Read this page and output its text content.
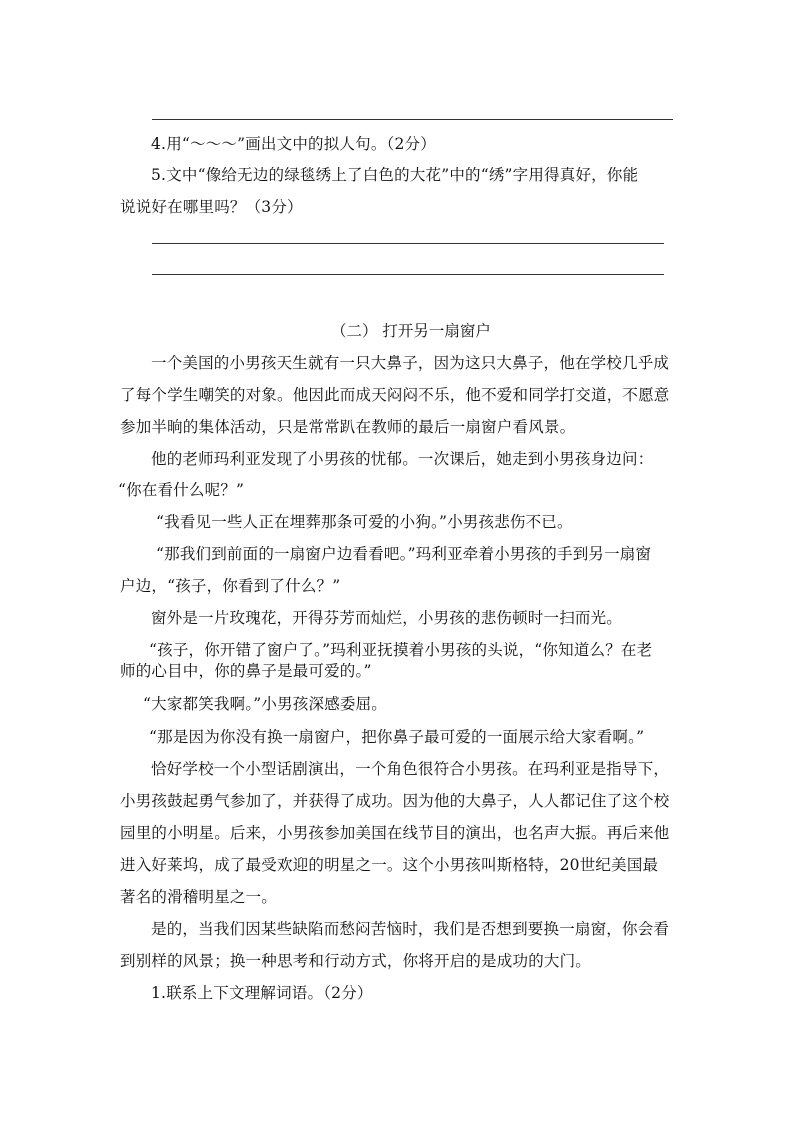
4.用“～～～”画出文中的拟人句。（2分）
5.文中“像给无边的绿毯绣上了白色的大花”中的“绣”字用得真好，你能
说说好在哪里吗？（3分）
（二） 打开另一扇窗户
一个美国的小男孩天生就有一只大鼻子，因为这只大鼻子，他在学校几乎成
了每个学生嘲笑的对象。他因此而成天闷闷不乐，他不爱和同学打交道，不愿意
参加半晌的集体活动，只是常常趴在教师的最后一扇窗户看风景。
他的老师玛利亚发现了小男孩的忧郁。一次课后，她走到小男孩身边问：
“你在看什么呢？”
“我看见一些人正在埋葬那条可爱的小狗。”小男孩悲伤不已。
“那我们到前面的一扇窗户边看看吧。”玛利亚牵着小男孩的手到另一扇窗
户边，“孩子，你看到了什么？”
窗外是一片玫瑰花，开得芬芳而灿烂，小男孩的悲伤顿时一扫而光。
“孩子，你开错了窗户了。”玛利亚抚摸着小男孩的头说，“你知道么？在老
师的心目中，你的鼻子是最可爱的。”
“大家都笑我啊。”小男孩深感委屈。
“那是因为你没有换一扇窗户，把你鼻子最可爱的一面展示给大家看啊。”
恰好学校一个小型话剧演出，一个角色很符合小男孩。在玛利亚是指导下，
小男孩鼓起勇气参加了，并获得了成功。因为他的大鼻子，人人都记住了这个校
园里的小明星。后来，小男孩参加美国在线节目的演出，也名声大振。再后来他
进入好莱坞，成了最受欢迎的明星之一。这个小男孩叫斯格特，20世纪美国最
著名的滑稽明星之一。
是的，当我们因某些缺陷而愁闷苦恼时，我们是否想到要换一扇窗，你会看
到别样的风景；换一种思考和行动方式，你将开启的是成功的大门。
1.联系上下文理解词语。（2分）
